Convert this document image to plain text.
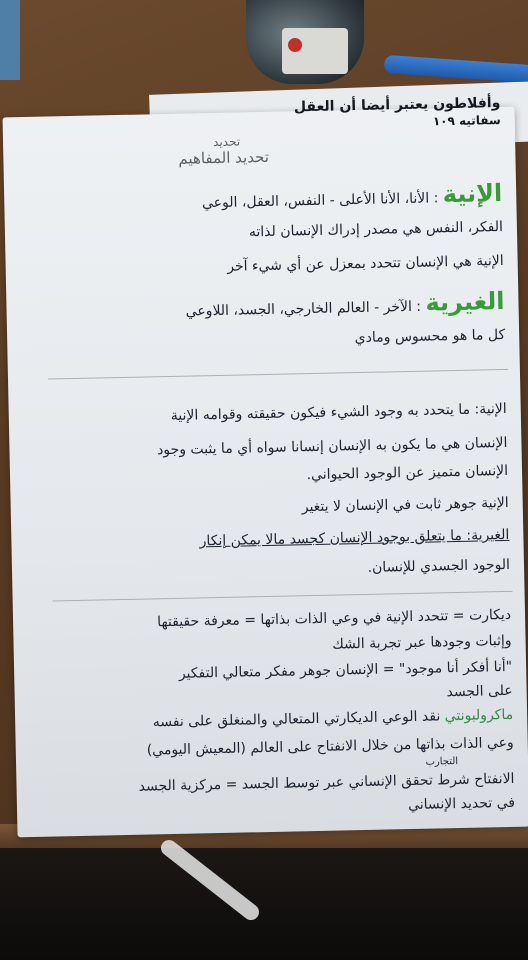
وأفلاطون يعتبر أيضا أن العقل

سفاتيه ١٠٩

تحديد

تحديد المفاهيم

الإنية : الأنا، الأنا الأعلى - النفس، العقل، الوعي

الفكر، النفس هي مصدر إدراك الإنسان لذاته

الإنية هي الإنسان تتحدد بمعزل عن أي شيء آخر

الغيرية : الآخر - العالم الخارجي، الجسد، اللاوعي

كل ما هو محسوس ومادي

الإنية: ما يتحدد به وجود الشيء فيكون حقيقته وقوامه الإنية

الإنسان هي ما يكون به الإنسان إنسانا سواه أي ما يثبت وجود

الإنسان متميز عن الوجود الحيواني.

الإنية جوهر ثابت في الإنسان لا يتغير

الغيرية: ما يتعلق بوجود الإنسان كجسد مالا يمكن إنكار

الوجود الجسدي للإنسان.

ديكارت = تتحدد الإنية في وعي الذات بذاتها = معرفة حقيقتها

وإثبات وجودها عبر تجربة الشك

"أنا أفكر أنا موجود" = الإنسان جوهر مفكر متعالي التفكير

على الجسد

ماكرولبونتي نقد الوعي الديكارتي المتعالي والمنغلق على نفسه

وعي الذات بذاتها من خلال الانفتاح على العالم (المعيش اليومي)

التجارب

الانفتاح شرط تحقق الإنساني عبر توسط الجسد = مركزية الجسد

في تحديد الإنساني
